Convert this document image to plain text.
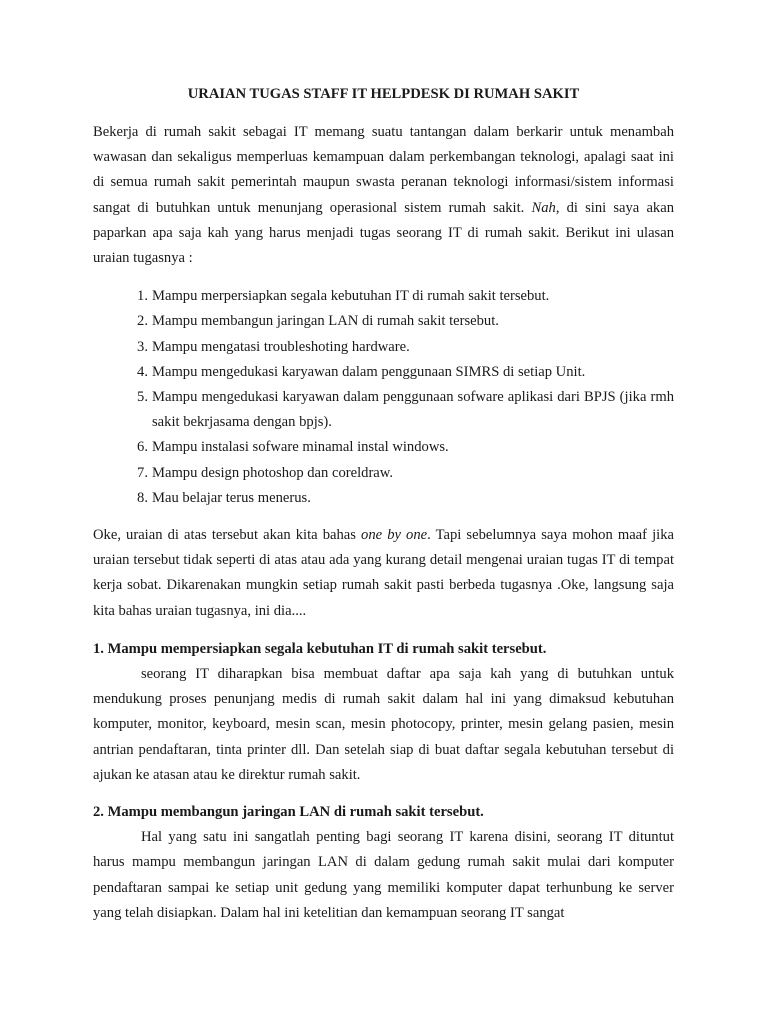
URAIAN TUGAS STAFF IT HELPDESK DI RUMAH SAKIT

Bekerja di rumah sakit sebagai IT memang suatu tantangan dalam berkarir untuk menambah wawasan dan sekaligus memperluas kemampuan dalam perkembangan teknologi, apalagi saat ini di semua rumah sakit pemerintah maupun swasta peranan teknologi informasi/sistem informasi sangat di butuhkan untuk menunjang operasional sistem rumah sakit. Nah, di sini saya akan paparkan apa saja kah yang harus menjadi tugas seorang IT di rumah sakit. Berikut ini ulasan uraian tugasnya :

1. Mampu merpersiapkan segala kebutuhan IT di rumah sakit tersebut.
2. Mampu membangun jaringan LAN di rumah sakit tersebut.
3. Mampu mengatasi troubleshoting hardware.
4. Mampu mengedukasi karyawan dalam penggunaan SIMRS di setiap Unit.
5. Mampu mengedukasi karyawan dalam penggunaan sofware aplikasi dari BPJS (jika rmh sakit bekrjasama dengan bpjs).
6. Mampu instalasi sofware minamal instal windows.
7. Mampu design photoshop dan coreldraw.
8. Mau belajar terus menerus.

Oke, uraian di atas tersebut akan kita bahas one by one. Tapi sebelumnya saya mohon maaf jika uraian tersebut tidak seperti di atas atau ada yang kurang detail mengenai uraian tugas IT di tempat kerja sobat. Dikarenakan mungkin setiap rumah sakit pasti berbeda tugasnya .Oke, langsung saja kita bahas uraian tugasnya, ini dia....

1. Mampu mempersiapkan segala kebutuhan IT di rumah sakit tersebut.

seorang IT diharapkan bisa membuat daftar apa saja kah yang di butuhkan untuk mendukung proses penunjang medis di rumah sakit dalam hal ini yang dimaksud kebutuhan komputer, monitor, keyboard, mesin scan, mesin photocopy, printer, mesin gelang pasien, mesin antrian pendaftaran, tinta printer dll. Dan setelah siap di buat daftar segala kebutuhan tersebut di ajukan ke atasan atau ke direktur rumah sakit.

2. Mampu membangun jaringan LAN di rumah sakit tersebut.

Hal yang satu ini sangatlah penting bagi seorang IT karena disini, seorang IT dituntut harus mampu membangun jaringan LAN di dalam gedung rumah sakit mulai dari komputer pendaftaran sampai ke setiap unit gedung yang memiliki komputer dapat terhunbung ke server yang telah disiapkan. Dalam hal ini ketelitian dan kemampuan seorang IT sangat
